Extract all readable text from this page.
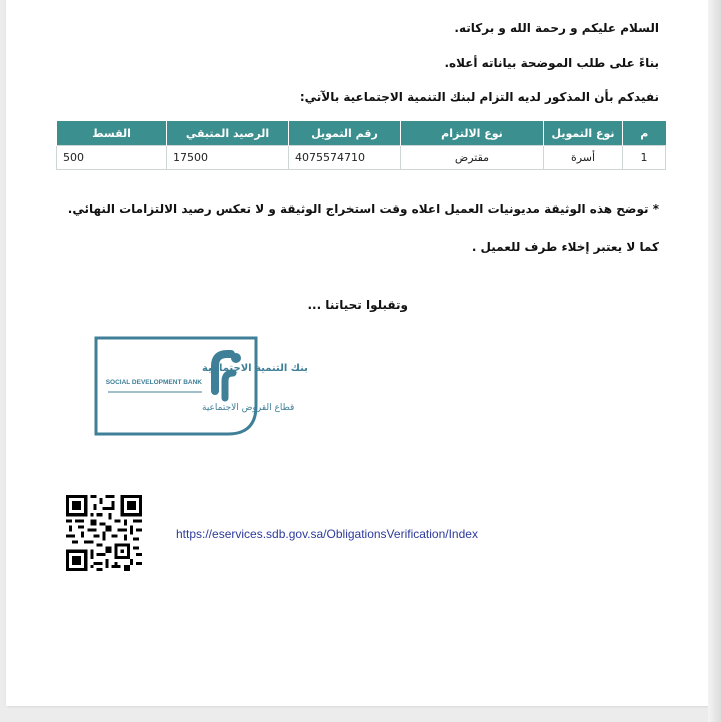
السلام عليكم و رحمة الله و بركاته.
بناءً على طلب الموضحة بياناته أعلاه.
نفيدكم بأن المذكور لديه التزام لبنك التنمية الاجتماعية بالآتي:
م	نوع التمويل	نوع الالتزام	رقم التمويل	الرصيد المتبقي	القسط
1	أسرة	مقترض	4075574710	17500	500
* توضح هذه الوثيقة مديونيات العميل اعلاه وقت استخراج الوثيقة و لا تعكس رصيد الالتزامات النهائي.
كما لا يعتبر إخلاء طرف للعميل .
وتقبلوا تحياتنا ...
بنك التنمية الاجتماعية
SOCIAL DEVELOPMENT BANK
قطاع القروض الاجتماعية
https://eservices.sdb.gov.sa/ObligationsVerification/Index
